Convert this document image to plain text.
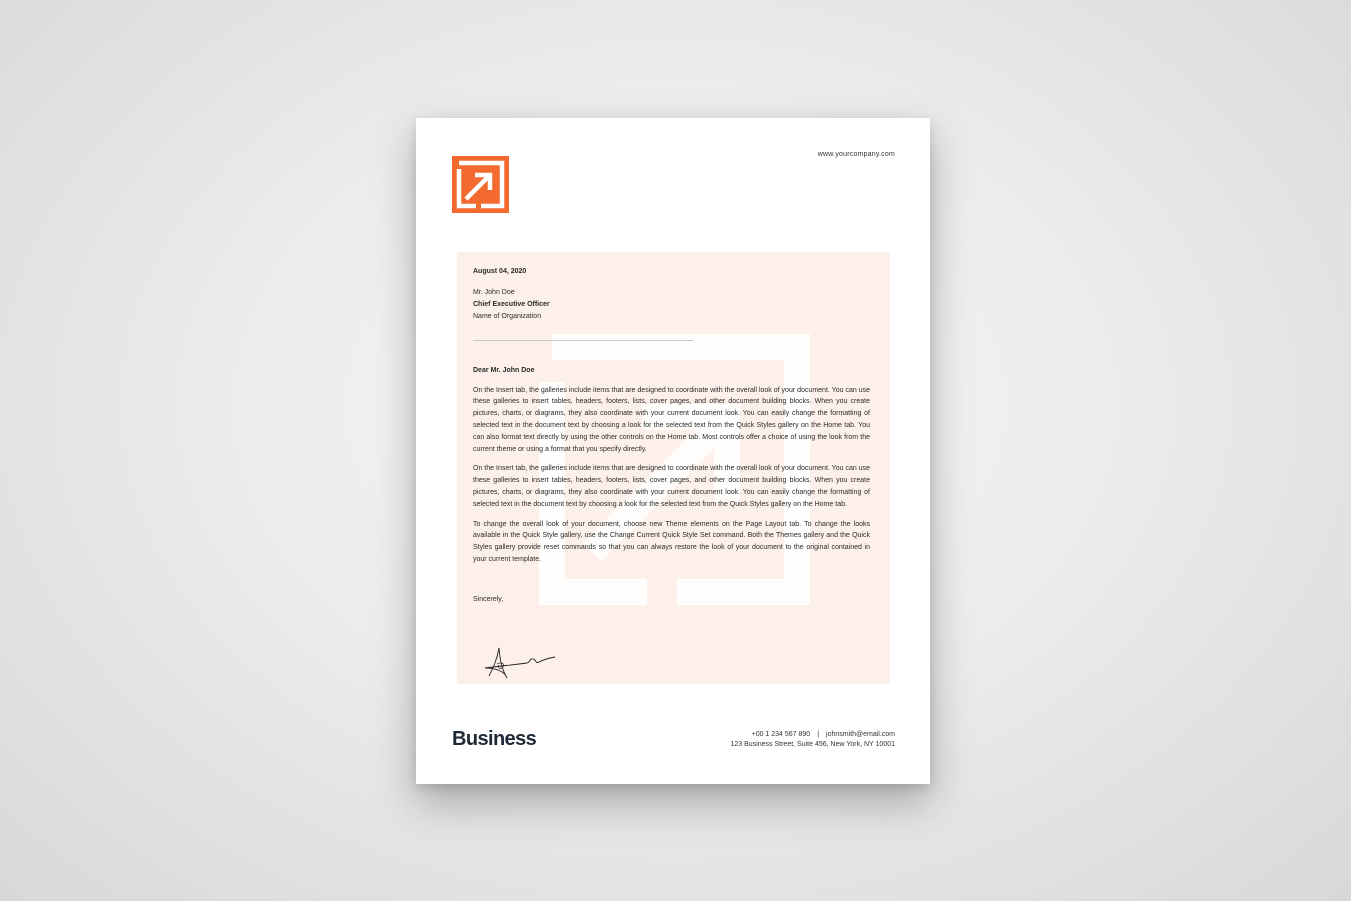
www.yourcompany.com
August 04, 2020
Mr. John Doe
Chief Executive Officer
Name of Organization
Dear Mr. John Doe

On the Insert tab, the galleries include items that are designed to coordinate with the overall look of your document. You can use these galleries to insert tables, headers, footers, lists, cover pages, and other document building blocks. When you create pictures, charts, or diagrams, they also coordinate with your current document look. You can easily change the formatting of selected text in the document text by choosing a look for the selected text from the Quick Styles gallery on the Home tab. You can also format text directly by using the other controls on the Home tab. Most controls offer a choice of using the look from the current theme or using a format that you specify directly.

On the Insert tab, the galleries include items that are designed to coordinate with the overall look of your document. You can use these galleries to insert tables, headers, footers, lists, cover pages, and other document building blocks. When you create pictures, charts, or diagrams, they also coordinate with your current document look. You can easily change the formatting of selected text in the document text by choosing a look for the selected text from the Quick Styles gallery on the Home tab.

To change the overall look of your document, choose new Theme elements on the Page Layout tab. To change the looks available in the Quick Style gallery, use the Change Current Quick Style Set command. Both the Themes gallery and the Quick Styles gallery provide reset commands so that you can always restore the look of your document to the original contained in your current template.

Sincerely,
Business	+00 1 234 567 890 | johnsmith@email.com
123 Business Street, Suite 456, New York, NY 10001
